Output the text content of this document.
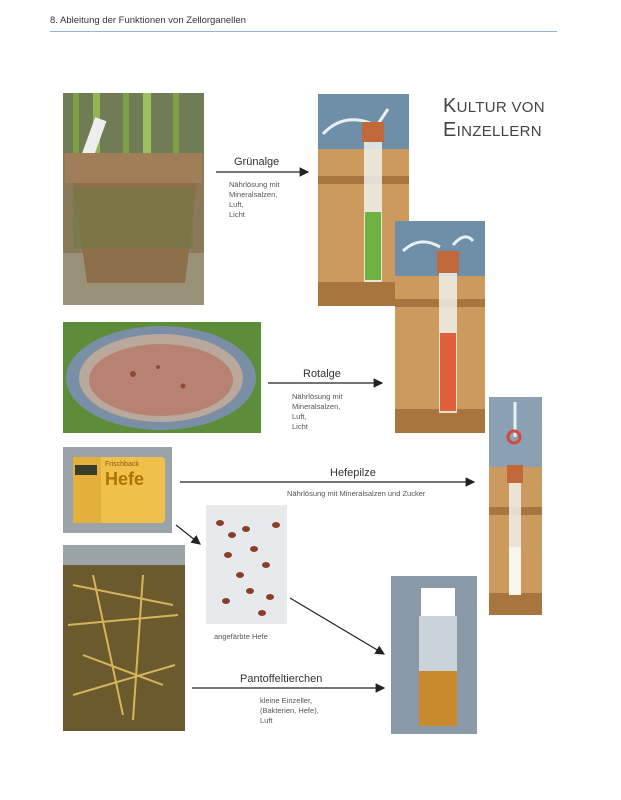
8. Ableitung der Funktionen von Zellorganellen
KULTUR VON
EINZELLERN
Frischback
Hefe
Grünalge
Nährlösung mit
Mineralsalzen,
Luft,
Licht
Rotalge
Nährlösung mit
Mineralsalzen,
Luft,
Licht
Hefepilze
Nährlösung mit Mineralsalzen und Zucker
angefärbte Hefe
Pantoffeltierchen
kleine Einzeller,
(Bakterien, Hefe),
Luft
